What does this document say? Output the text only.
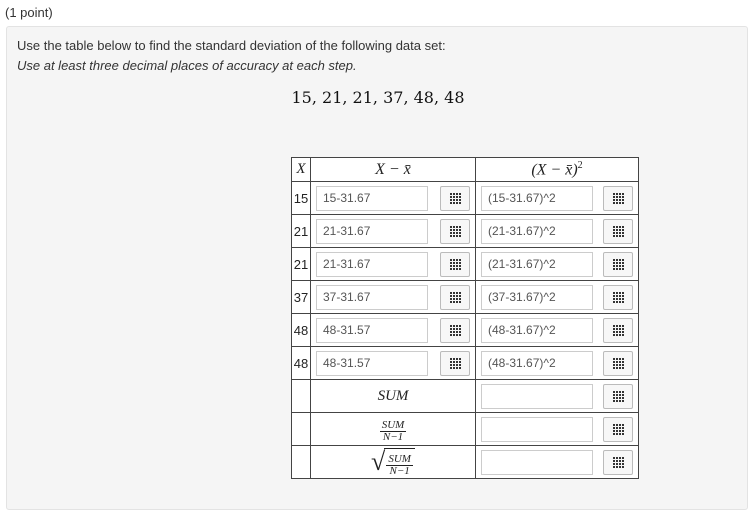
(1 point)
Use the table below to find the standard deviation of the following data set:
Use at least three decimal places of accuracy at each step.
15, 21, 21, 37, 48, 48
X	X − x̄	(X − x̄)$^2$
15	15-31.67	(15-31.67)^2

21	21-31.67	(21-31.67)^2

21	21-31.67	(21-31.67)^2

37	37-31.67	(37-31.67)^2

48	48-31.57	(48-31.67)^2

48	48-31.57	(48-31.67)^2

	SUM	

	$\frac{\text{SUM}}{N-1}$

	√ $\frac{\text{SUM}}{N-1}$
